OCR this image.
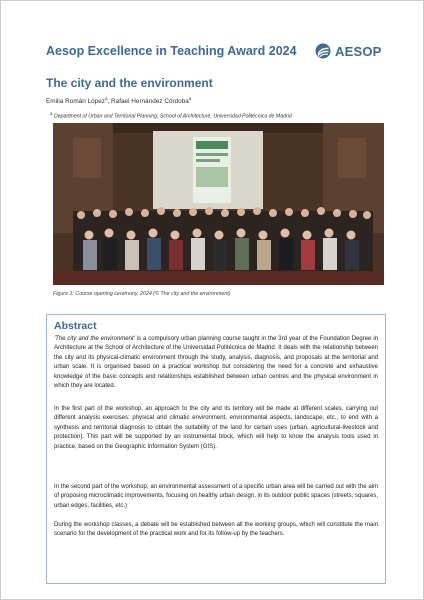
Aesop Excellence in Teaching Award 2024	AESOP
The city and the environment
Emilia Román López$^a$, Rafael Hernández Córdoba$^a$
$^a$ Department of Urban and Territorial Planning, School of Architecture, Universidad Politécnica de Madrid
Figure 1: Course opening ceremony, 2024 (© The city and the environment)
Abstract

'The city and the environment' is a compulsory urban planning course taught in the 3rd year of the Foundation Degree in Architecture at the School of Architecture of the Universidad Politécnica de Madrid. It deals with the relationship between the city and its physical-climatic environment through the study, analysis, diagnosis, and proposals at the territorial and urban scale. It is organised based on a practical workshop but considering the need for a concrete and exhaustive knowledge of the basic concepts and relationships established between urban centres and the physical environment in which they are located.

In the first part of the workshop, an approach to the city and its territory will be made at different scales, carrying out different analysis exercises: physical and climatic environment, environmental aspects, landscape, etc., to end with a synthesis and territorial diagnosis to obtain the suitability of the land for certain uses (urban, agricultural-livestock and protection). This part will be supported by an instrumental block, which will help to know the analysis tools used in practice, based on the Geographic Information System (GIS).

In the second part of the workshop, an environmental assessment of a specific urban area will be carried out with the aim of proposing microclimatic improvements, focusing on healthy urban design, in its outdoor public spaces (streets, squares, urban edges, facilities, etc.)

During the workshop classes, a debate will be established between all the working groups, which will constitute the main scenario for the development of the practical work and for its follow-up by the teachers.
